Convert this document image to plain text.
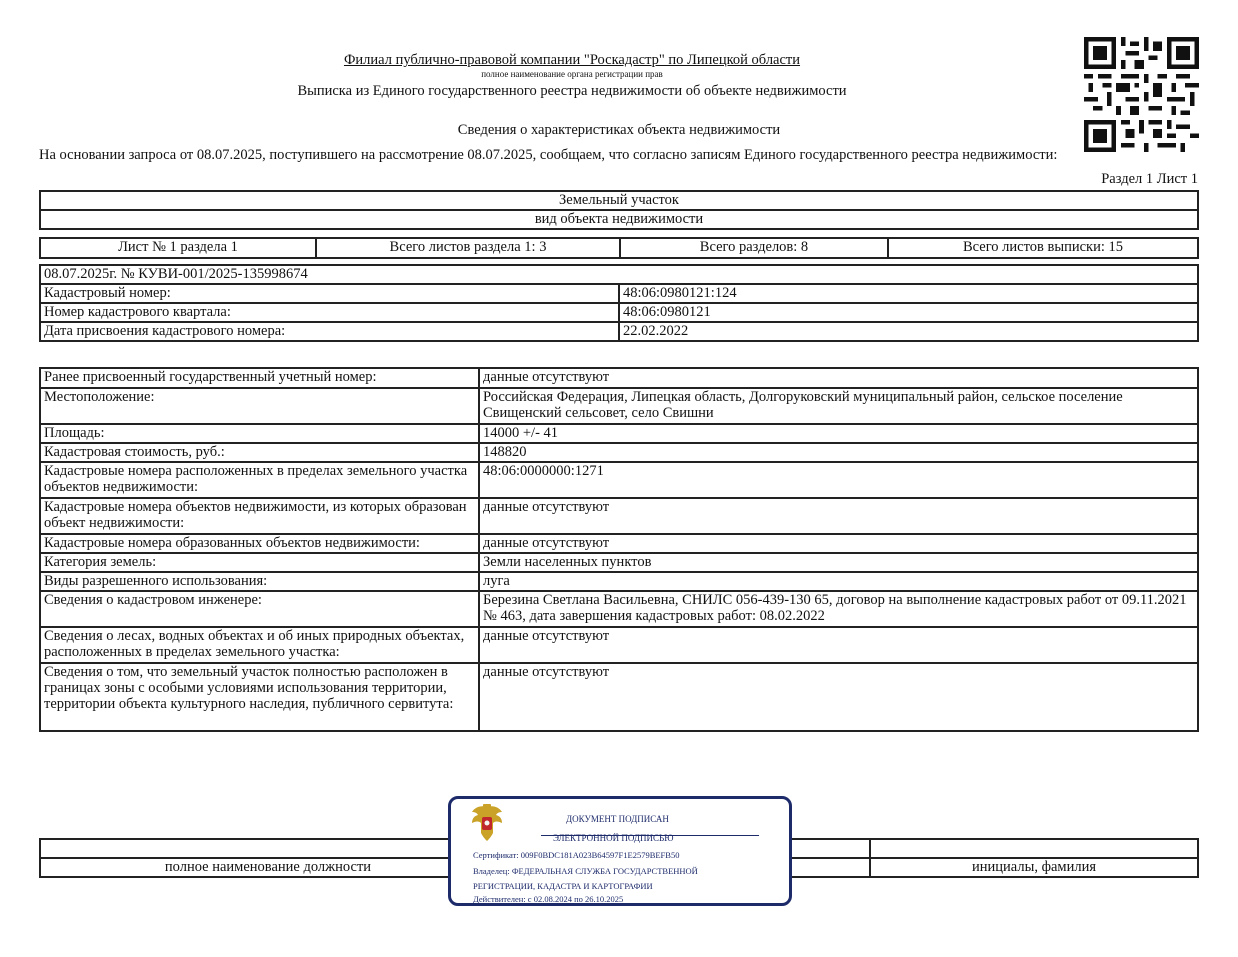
Филиал публично-правовой компании "Роскадастр" по Липецкой области
полное наименование органа регистрации прав
Выписка из Единого государственного реестра недвижимости об объекте недвижимости
Сведения о характеристиках объекта недвижимости
На основании запроса от 08.07.2025, поступившего на рассмотрение 08.07.2025, сообщаем, что согласно записям Единого государственного реестра недвижимости:
Раздел 1 Лист 1
Земельный участок
вид объекта недвижимости
Лист № 1 раздела 1	Всего листов раздела 1: 3	Всего разделов: 8	Всего листов выписки: 15
08.07.2025г. № КУВИ-001/2025-135998674	
Кадастровый номер:	48:06:0980121:124
Номер кадастрового квартала:	48:06:0980121
Дата присвоения кадастрового номера:	22.02.2022
Ранее присвоенный государственный учетный номер:	данные отсутствуют
Местоположение:	Российская Федерация, Липецкая область, Долгоруковский муниципальный район, сельское поселение Свищенский сельсовет, село Свишни
Площадь:	14000 +/- 41
Кадастровая стоимость, руб.:	148820
Кадастровые номера расположенных в пределах земельного участка объектов недвижимости:	48:06:0000000:1271
Кадастровые номера объектов недвижимости, из которых образован объект недвижимости:	данные отсутствуют
Кадастровые номера образованных объектов недвижимости:	данные отсутствуют
Категория земель:	Земли населенных пунктов
Виды разрешенного использования:	луга
Сведения о кадастровом инженере:	Березина Светлана Васильевна, СНИЛС 056-439-130 65, договор на выполнение кадастровых работ от 09.11.2021 № 463, дата завершения кадастровых работ: 08.02.2022
Сведения о лесах, водных объектах и об иных природных объектах, расположенных в пределах земельного участка:	данные отсутствуют
Сведения о том, что земельный участок полностью расположен в границах зоны с особыми условиями использования территории, территории объекта культурного наследия, публичного сервитута:	данные отсутствуют

полное наименование должности		инициалы, фамилия
ДОКУМЕНТ ПОДПИСАН
ЭЛЕКТРОННОЙ ПОДПИСЬЮ
Сертификат: 009F0BDC181A023B64597F1E2579BEFB50
Владелец: ФЕДЕРАЛЬНАЯ СЛУЖБА ГОСУДАРСТВЕННОЙ
РЕГИСТРАЦИИ, КАДАСТРА И КАРТОГРАФИИ
Действителен: с 02.08.2024 по 26.10.2025
